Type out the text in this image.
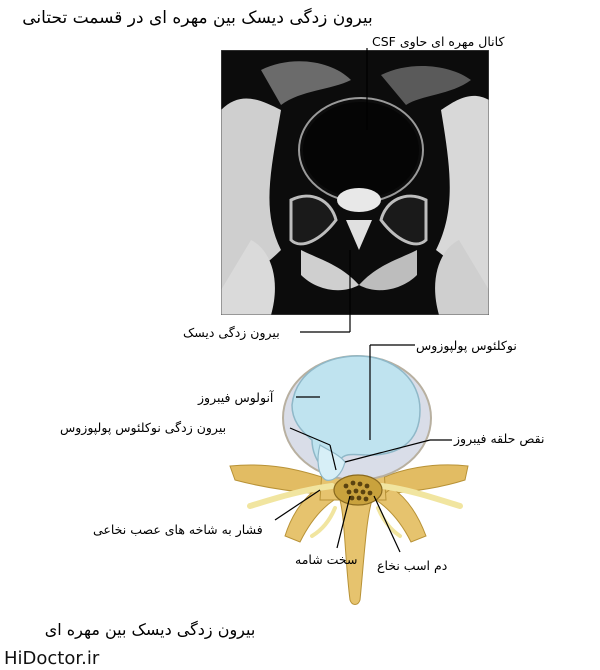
بیرون زدگی دیسک بین مهره ای در قسمت تحتانی
کانال مهره ای حاوی CSF
بیرون زدگی دیسک
نوکلئوس پولپوزوس
آنولوس فیبروز
بیرون زدگی نوکلئوس پولپوزوس
نقص حلقه فیبروز
فشار به شاخه های عصب نخاعی
دم اسب نخاع
سخت شامه
بیرون زدگی دیسک بین مهره ای
HiDoctor.ir
